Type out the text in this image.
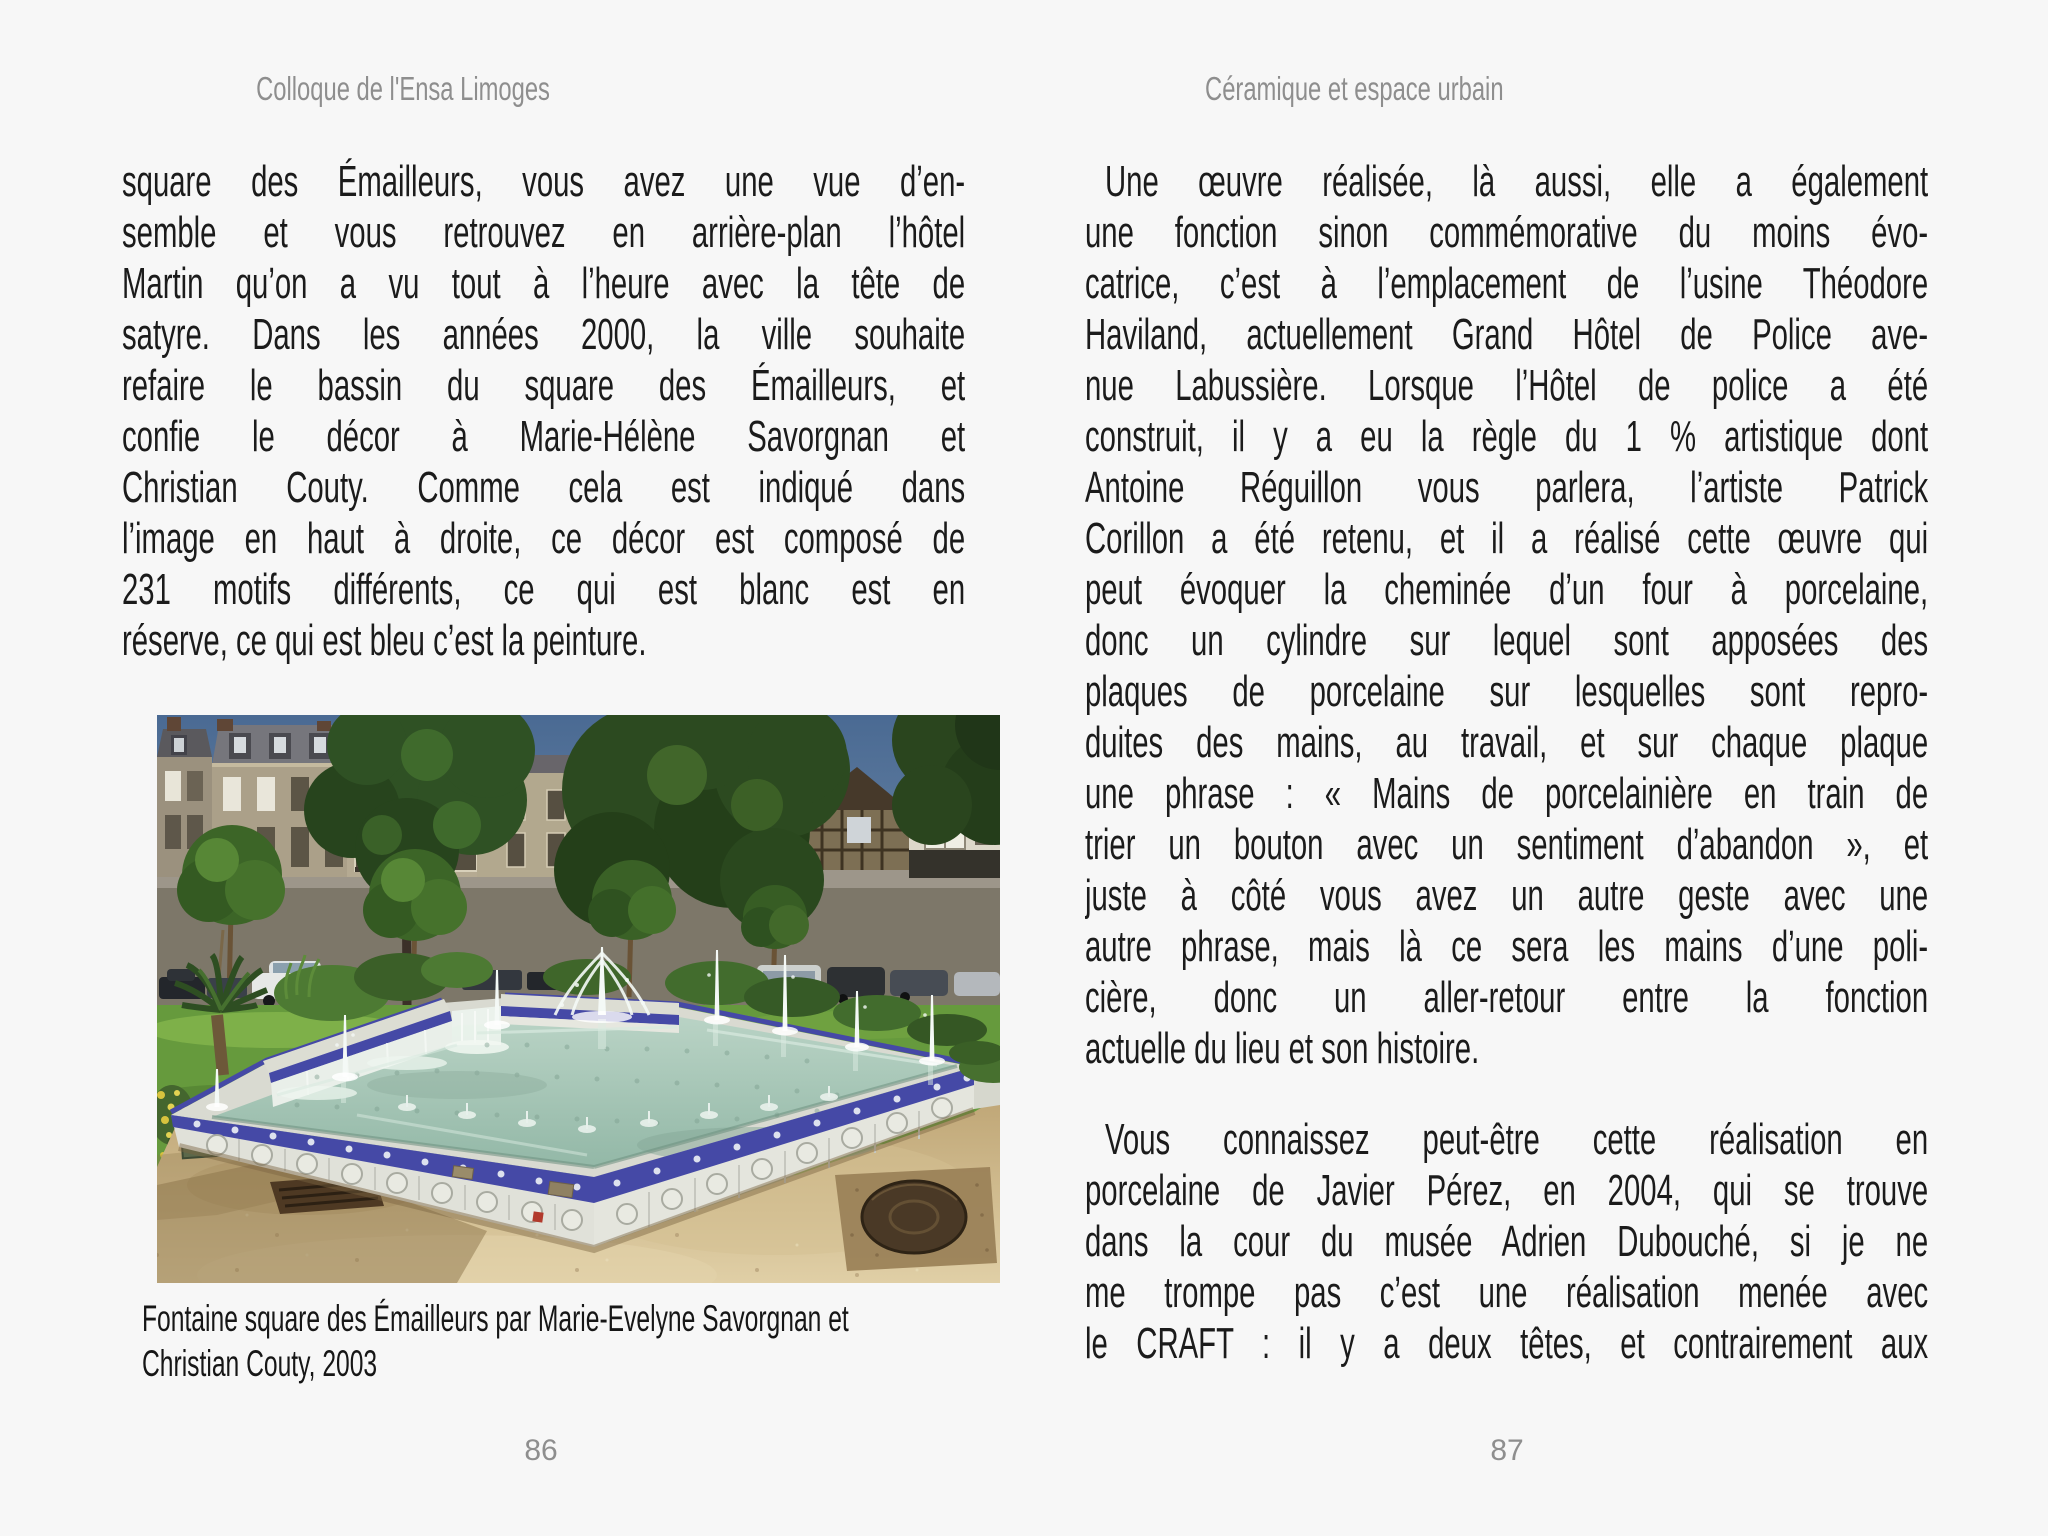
Colloque de l'Ensa Limoges
square des Émailleurs, vous avez une vue d’en-
semble et vous retrouvez en arrière-plan l’hôtel
Martin qu’on a vu tout à l’heure avec la tête de
satyre. Dans les années 2000, la ville souhaite
refaire le bassin du square des Émailleurs, et
confie le décor à Marie-Hélène Savorgnan et
Christian Couty. Comme cela est indiqué dans
l’image en haut à droite, ce décor est composé de
231 motifs différents, ce qui est blanc est en
réserve, ce qui est bleu c’est la peinture.
Fontaine square des Émailleurs par Marie-Evelyne Savorgnan et
Christian Couty, 2003
86
Céramique et espace urbain
Une œuvre réalisée, là aussi, elle a également
une fonction sinon commémorative du moins évo-
catrice, c’est à l’emplacement de l’usine Théodore
Haviland, actuellement Grand Hôtel de Police ave-
nue Labussière. Lorsque l’Hôtel de police a été
construit, il y a eu la règle du 1 % artistique dont
Antoine Réguillon vous parlera, l’artiste Patrick
Corillon a été retenu, et il a réalisé cette œuvre qui
peut évoquer la cheminée d’un four à porcelaine,
donc un cylindre sur lequel sont apposées des
plaques de porcelaine sur lesquelles sont repro-
duites des mains, au travail, et sur chaque plaque
une phrase : « Mains de porcelainière en train de
trier un bouton avec un sentiment d’abandon », et
juste à côté vous avez un autre geste avec une
autre phrase, mais là ce sera les mains d’une poli-
cière, donc un aller-retour entre la fonction
actuelle du lieu et son histoire.
Vous connaissez peut-être cette réalisation en
porcelaine de Javier Pérez, en 2004, qui se trouve
dans la cour du musée Adrien Dubouché, si je ne
me trompe pas c’est une réalisation menée avec
le CRAFT : il y a deux têtes, et contrairement aux
87
